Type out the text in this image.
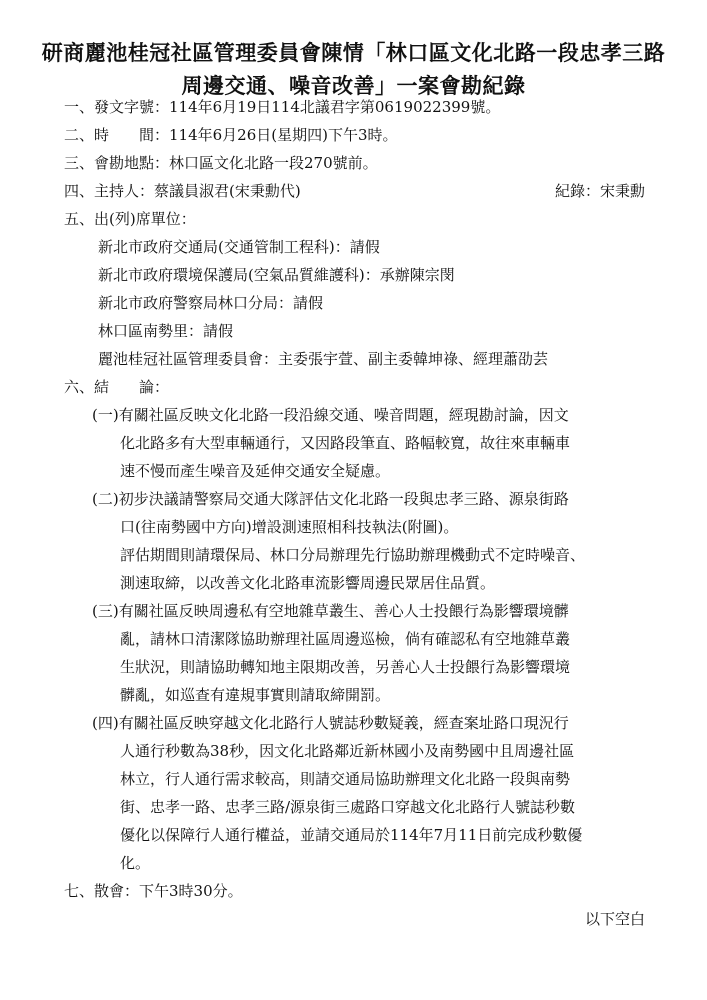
研商麗池桂冠社區管理委員會陳情「林口區文化北路一段忠孝三路
周邊交通、噪音改善」一案會勘紀錄
一、發文字號：114年6月19日114北議君字第0619022399號。
二、時　　間：114年6月26日(星期四)下午3時。
三、會勘地點：林口區文化北路一段270號前。
四、主持人：蔡議員淑君(宋秉勳代)	紀錄：宋秉勳
五、出(列)席單位：
新北市政府交通局(交通管制工程科)：請假
新北市政府環境保護局(空氣品質維護科)：承辦陳宗閔
新北市政府警察局林口分局：請假
林口區南勢里：請假
麗池桂冠社區管理委員會：主委張宇萱、副主委韓坤祿、經理蕭劭芸
六、結　　論：
(一)有關社區反映文化北路一段沿線交通、噪音問題，經現勘討論，因文
化北路多有大型車輛通行，又因路段筆直、路幅較寬，故往來車輛車
速不慢而產生噪音及延伸交通安全疑慮。
(二)初步決議請警察局交通大隊評估文化北路一段與忠孝三路、源泉街路
口(往南勢國中方向)增設測速照相科技執法(附圖)。
評估期間則請環保局、林口分局辦理先行協助辦理機動式不定時噪音、
測速取締，以改善文化北路車流影響周邊民眾居住品質。
(三)有關社區反映周邊私有空地雜草叢生、善心人士投餵行為影響環境髒
亂，請林口清潔隊協助辦理社區周邊巡檢，倘有確認私有空地雜草叢
生狀況，則請協助轉知地主限期改善，另善心人士投餵行為影響環境
髒亂，如巡查有違規事實則請取締開罰。
(四)有關社區反映穿越文化北路行人號誌秒數疑義，經查案址路口現況行
人通行秒數為38秒，因文化北路鄰近新林國小及南勢國中且周邊社區
林立，行人通行需求較高，則請交通局協助辦理文化北路一段與南勢
街、忠孝一路、忠孝三路/源泉街三處路口穿越文化北路行人號誌秒數
優化以保障行人通行權益，並請交通局於114年7月11日前完成秒數優
化。
七、散會：下午3時30分。
以下空白
